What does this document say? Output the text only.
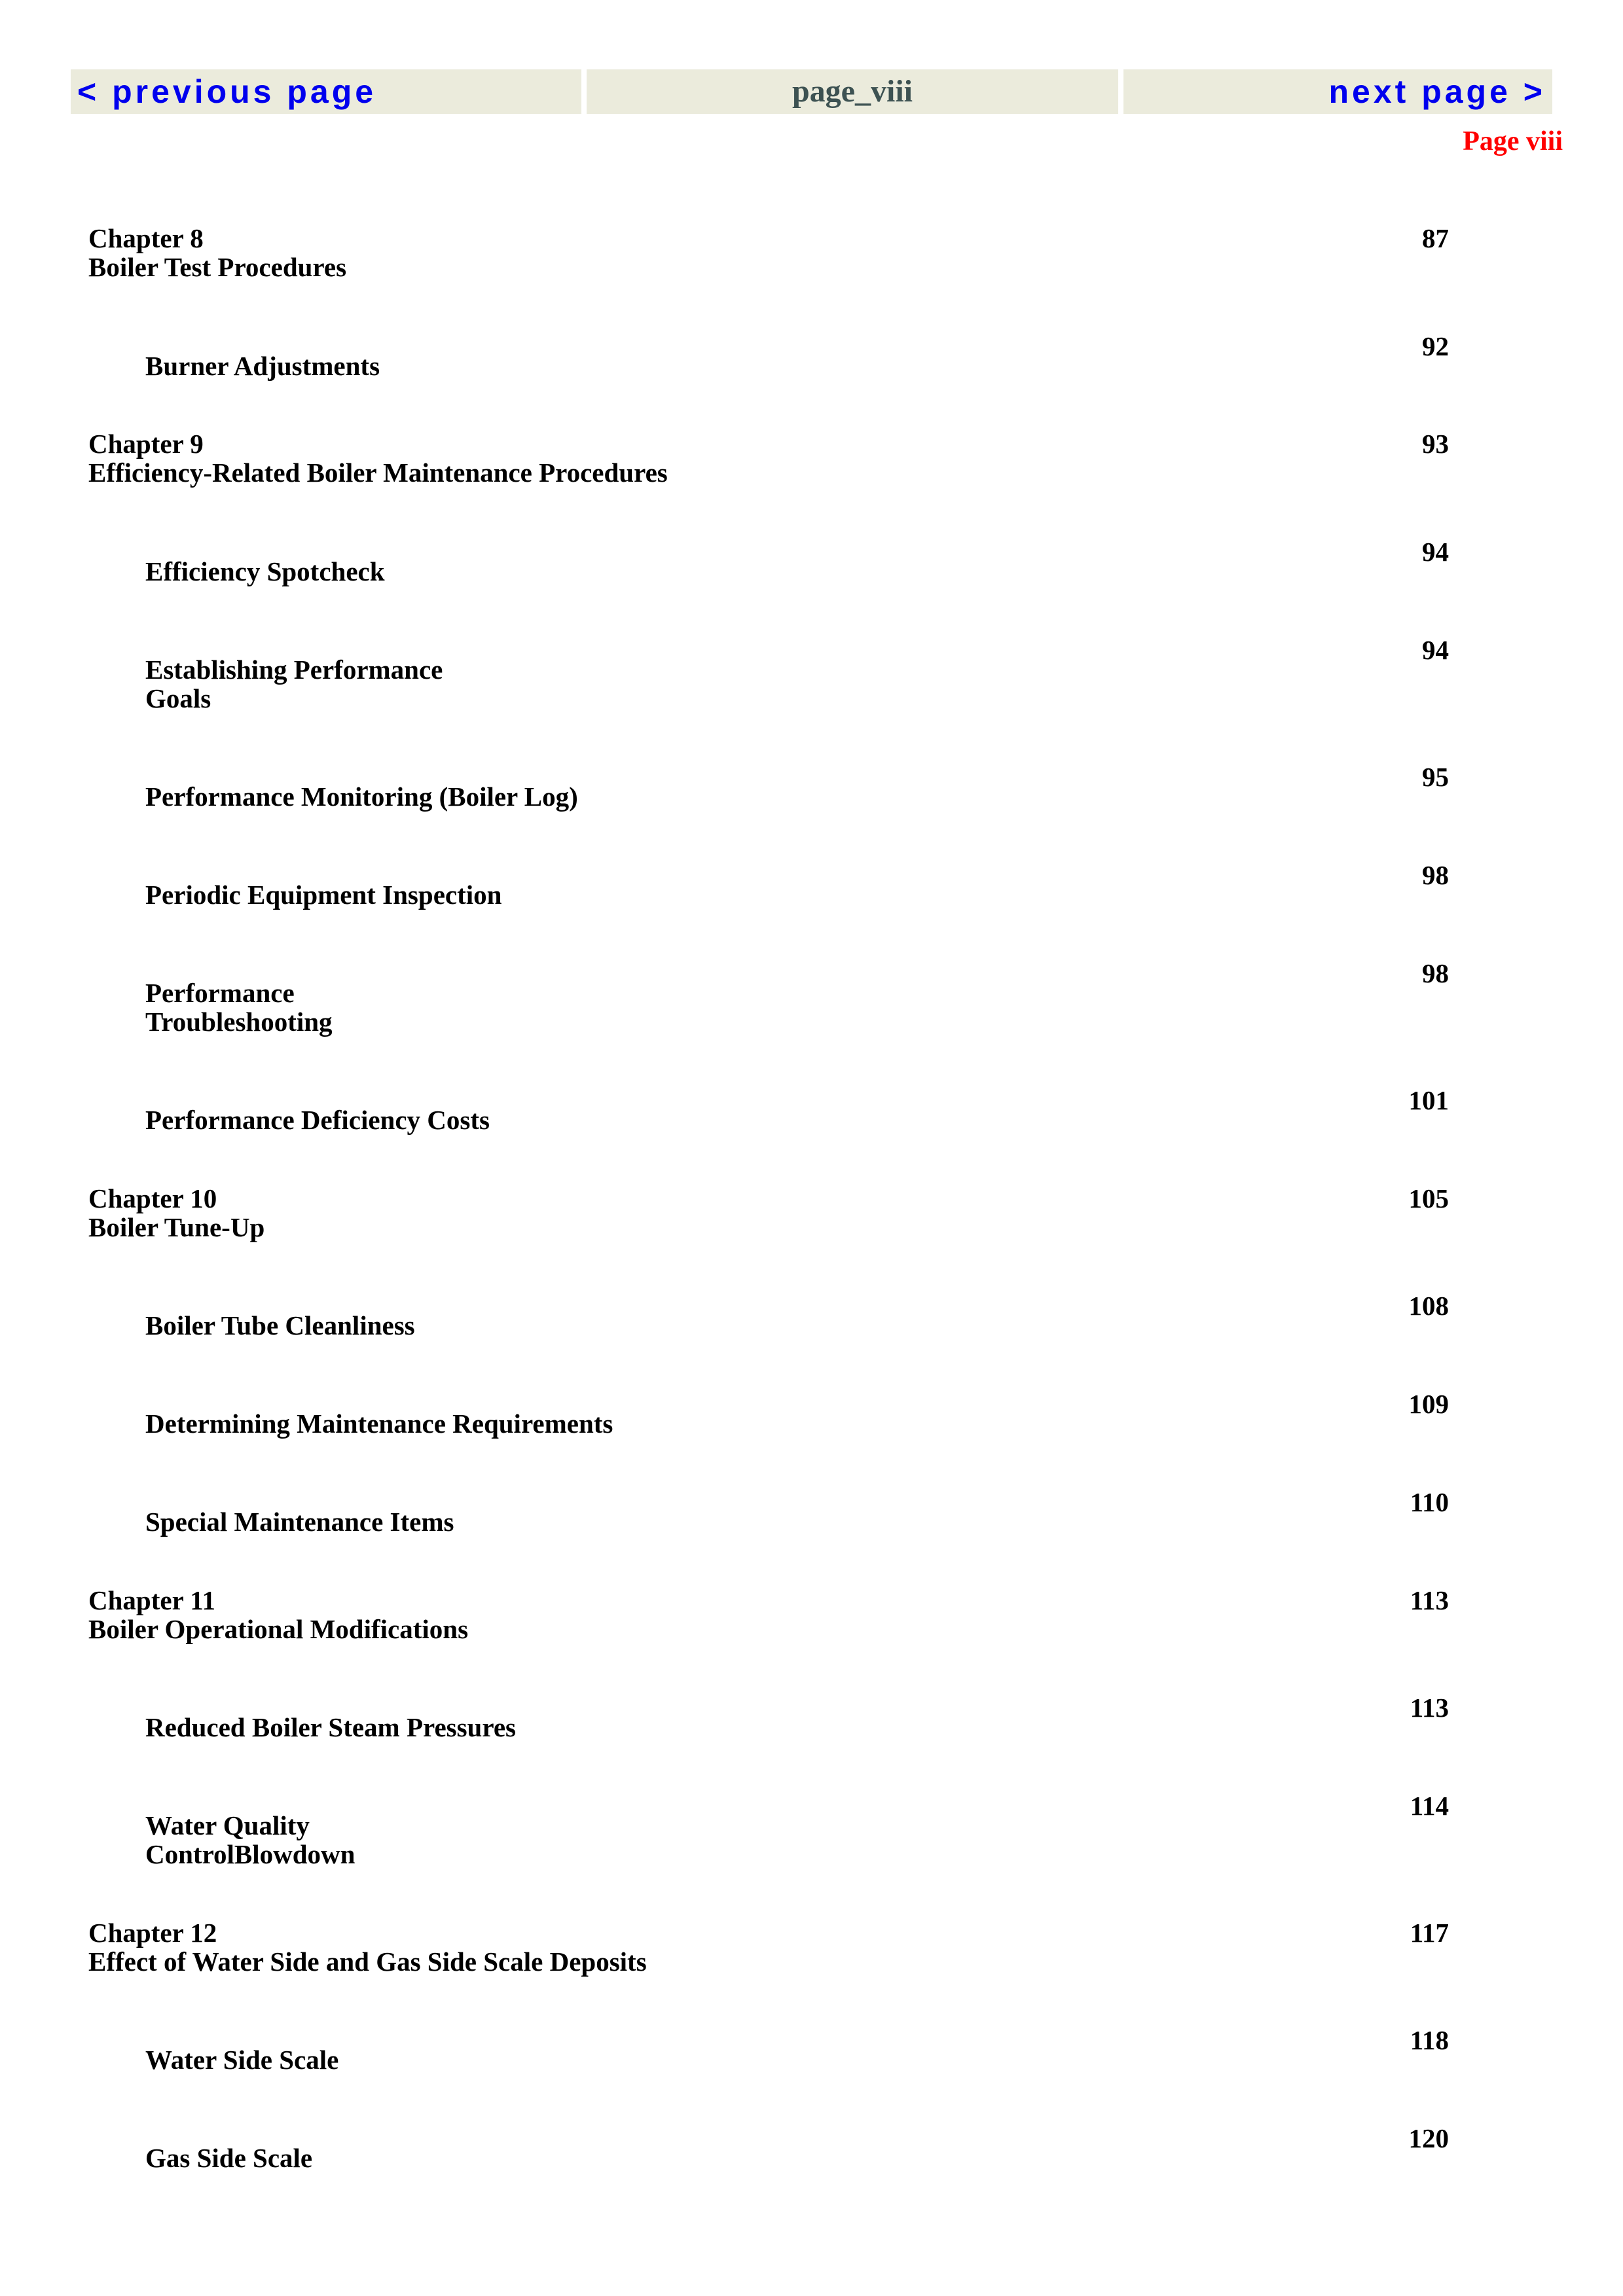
< previous page	page_viii	next page >
Page viii
Chapter 8
Boiler Test Procedures
87
Burner Adjustments
92
Chapter 9
Efficiency-Related Boiler Maintenance Procedures
93
Efficiency Spotcheck
94
Establishing Performance
Goals
94
Performance Monitoring (Boiler Log)
95
Periodic Equipment Inspection
98
Performance
Troubleshooting
98
Performance Deficiency Costs
101
Chapter 10
Boiler Tune-Up
105
Boiler Tube Cleanliness
108
Determining Maintenance Requirements
109
Special Maintenance Items
110
Chapter 11
Boiler Operational Modifications
113
Reduced Boiler Steam Pressures
113
Water Quality
ControlBlowdown
114
Chapter 12
Effect of Water Side and Gas Side Scale Deposits
117
Water Side Scale
118
Gas Side Scale
120
